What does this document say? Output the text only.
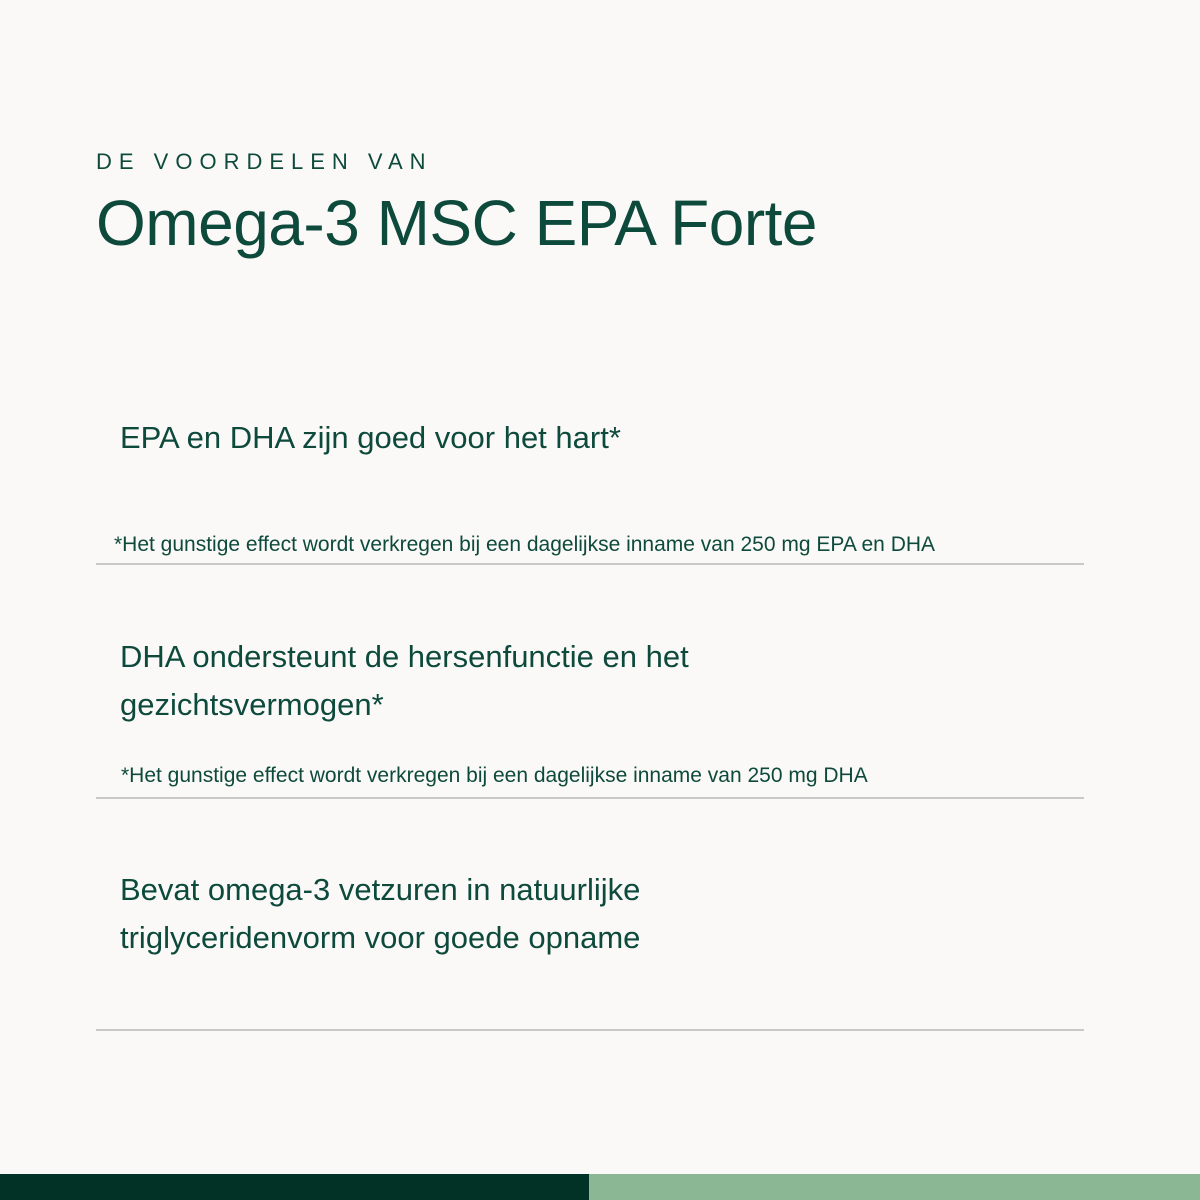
DE VOORDELEN VAN
Omega-3 MSC EPA Forte
EPA en DHA zijn goed voor het hart*
*Het gunstige effect wordt verkregen bij een dagelijkse inname van 250 mg EPA en DHA
DHA ondersteunt de hersenfunctie en het gezichtsvermogen*
*Het gunstige effect wordt verkregen bij een dagelijkse inname van 250 mg DHA
Bevat omega-3 vetzuren in natuurlijke triglyceridenvorm voor goede opname
